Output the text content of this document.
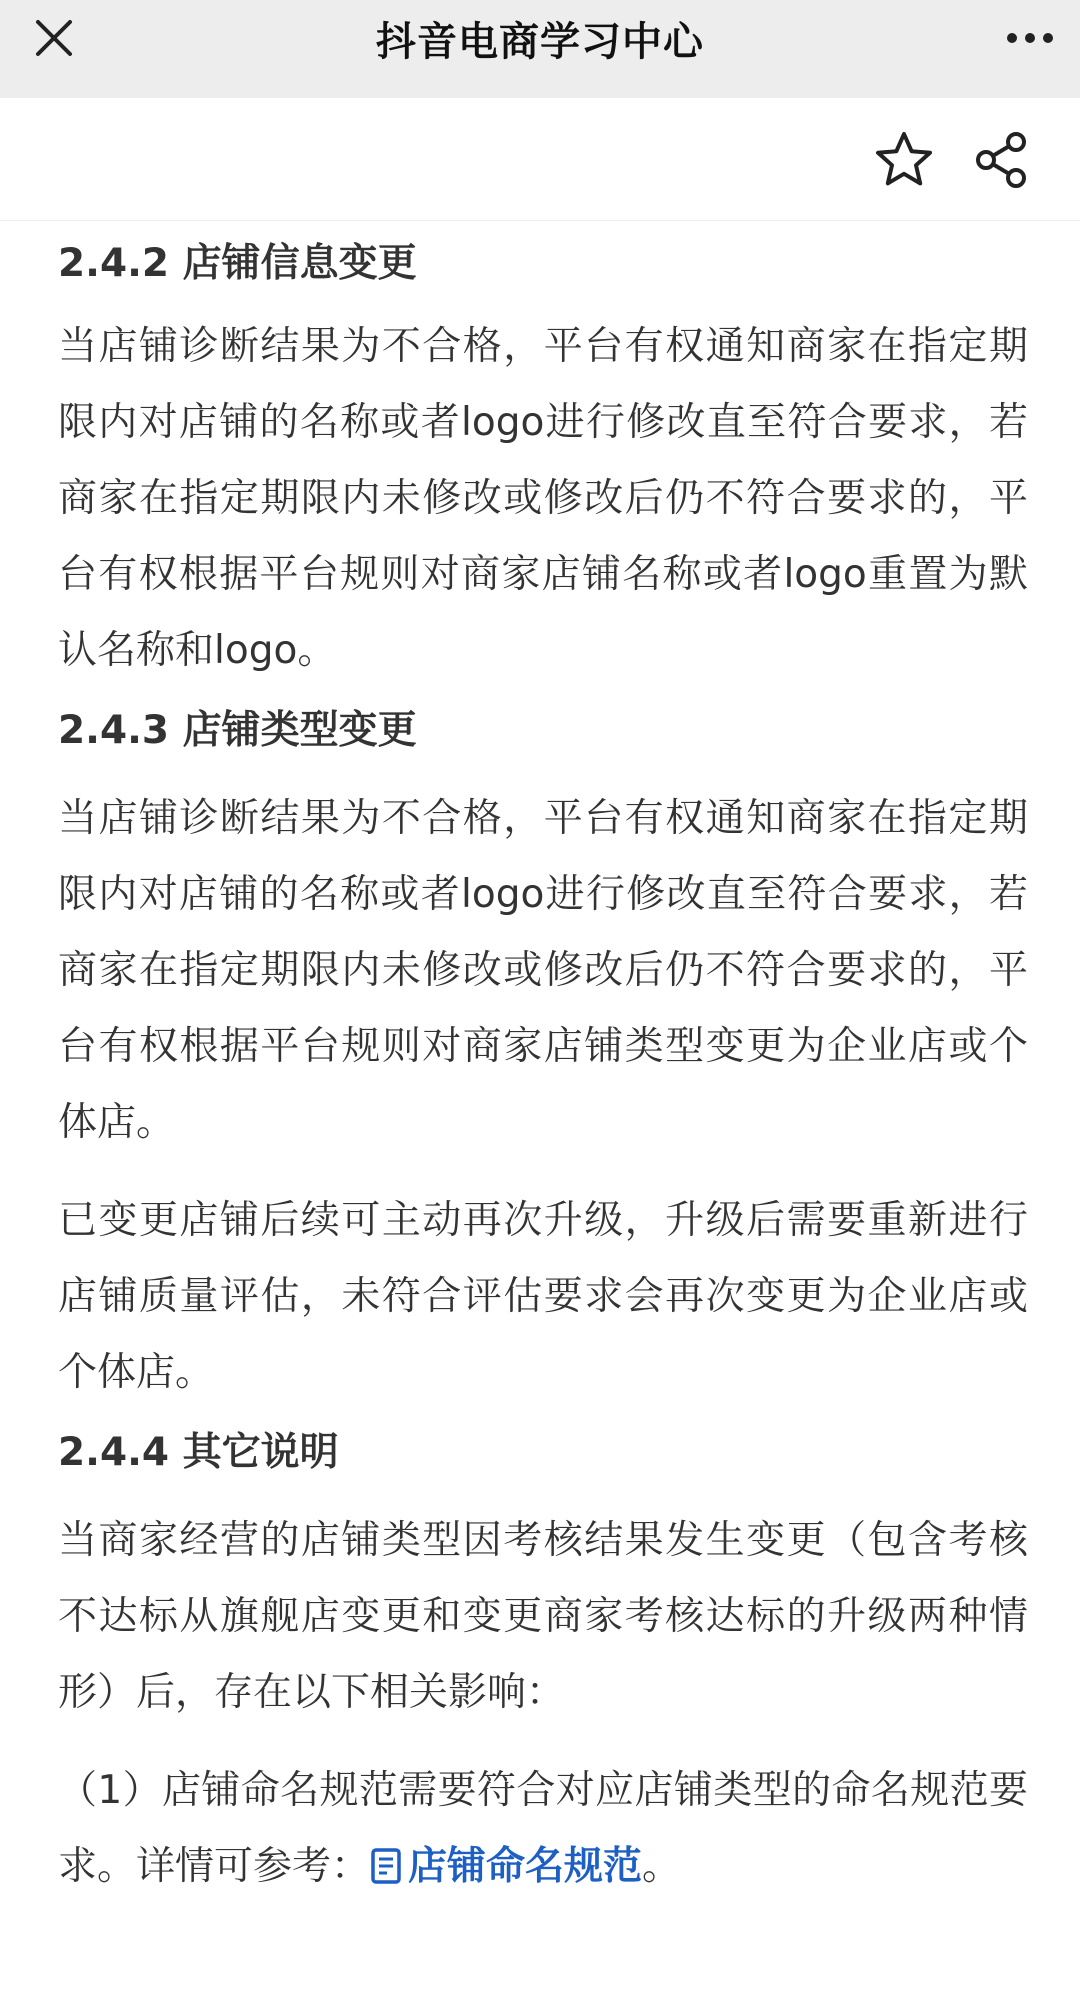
抖音电商学习中心
2.4.2 店铺信息变更
当店铺诊断结果为不合格，平台有权通知商家在指定期限内对店铺的名称或者logo进行修改直至符合要求，若商家在指定期限内未修改或修改后仍不符合要求的，平台有权根据平台规则对商家店铺名称或者logo重置为默认名称和logo。
2.4.3 店铺类型变更
当店铺诊断结果为不合格，平台有权通知商家在指定期限内对店铺的名称或者logo进行修改直至符合要求，若商家在指定期限内未修改或修改后仍不符合要求的，平台有权根据平台规则对商家店铺类型变更为企业店或个体店。
已变更店铺后续可主动再次升级，升级后需要重新进行店铺质量评估，未符合评估要求会再次变更为企业店或个体店。
2.4.4 其它说明
当商家经营的店铺类型因考核结果发生变更（包含考核不达标从旗舰店变更和变更商家考核达标的升级两种情形）后，存在以下相关影响：
（1）店铺命名规范需要符合对应店铺类型的命名规范要求。详情可参考： 店铺命名规范。
